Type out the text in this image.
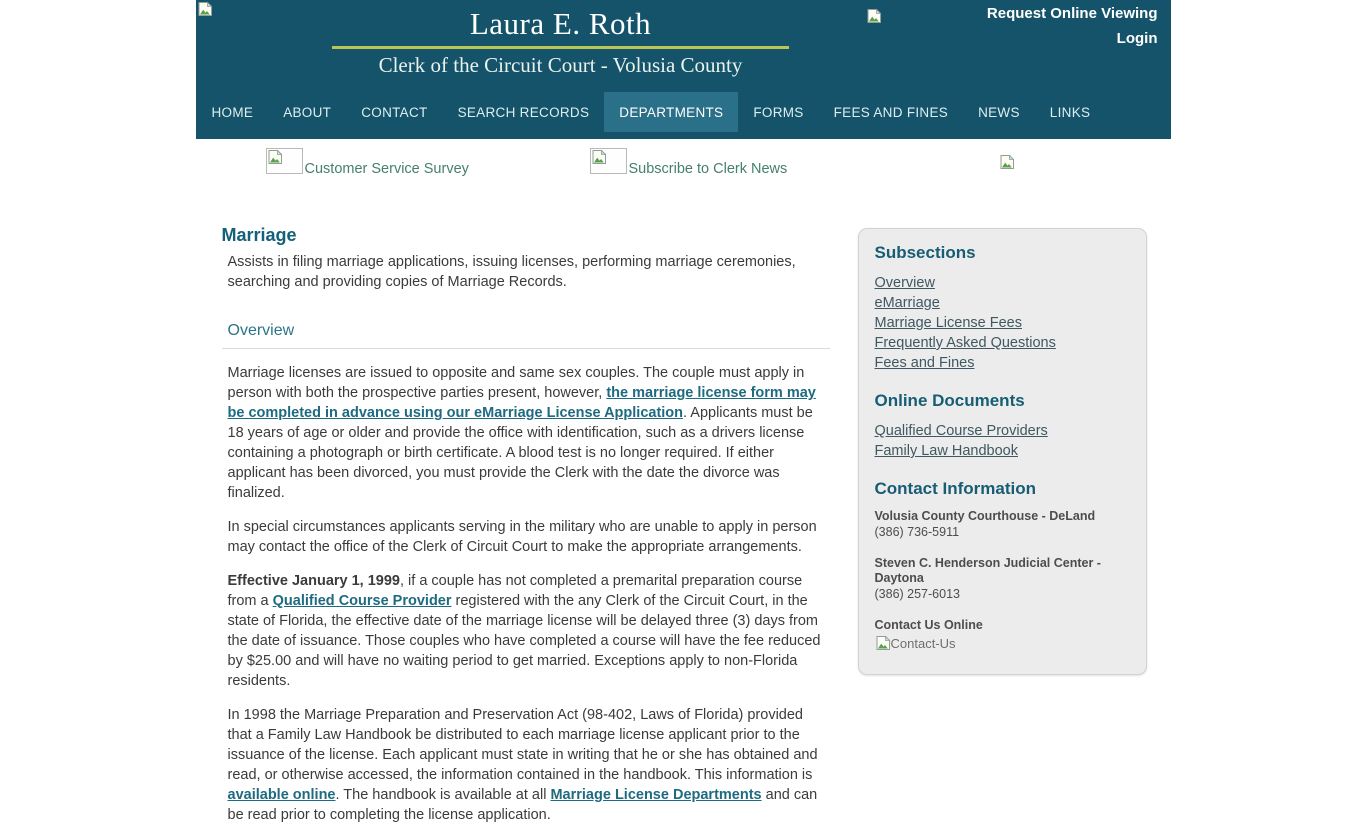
Laura E. Roth
Clerk of the Circuit Court - Volusia County
Request Online Viewing
Login
HOME	ABOUT	CONTACT	SEARCH RECORDS	DEPARTMENTS	FORMS	FEES AND FINES	NEWS	LINKS
Customer Service Survey	Subscribe to Clerk News
Marriage

Assists in filing marriage applications, issuing licenses, performing marriage ceremonies, searching and providing copies of Marriage Records.

Overview

Marriage licenses are issued to opposite and same sex couples. The couple must apply in person with both the prospective parties present, however, the marriage license form may be completed in advance using our eMarriage License Application. Applicants must be 18 years of age or older and provide the office with identification, such as a drivers license containing a photograph or birth certificate. A blood test is no longer required. If either applicant has been divorced, you must provide the Clerk with the date the divorce was finalized.

In special circumstances applicants serving in the military who are unable to apply in person may contact the office of the Clerk of Circuit Court to make the appropriate arrangements.

Effective January 1, 1999, if a couple has not completed a premarital preparation course from a Qualified Course Provider registered with the any Clerk of the Circuit Court, in the state of Florida, the effective date of the marriage license will be delayed three (3) days from the date of issuance. Those couples who have completed a course will have the fee reduced by $25.00 and will have no waiting period to get married. Exceptions apply to non-Florida residents.

In 1998 the Marriage Preparation and Preservation Act (98-402, Laws of Florida) provided that a Family Law Handbook be distributed to each marriage license applicant prior to the issuance of the license. Each applicant must state in writing that he or she has obtained and read, or otherwise accessed, the information contained in the handbook. This information is available online. The handbook is available at all Marriage License Departments and can be read prior to completing the license application.

Subsections
Overview
eMarriage
Marriage License Fees
Frequently Asked Questions
Fees and Fines
Online Documents
Qualified Course Providers
Family Law Handbook
Contact Information
Volusia County Courthouse - DeLand
(386) 736-5911
Steven C. Henderson Judicial Center - Daytona
(386) 257-6013
Contact Us Online
Contact-Us
